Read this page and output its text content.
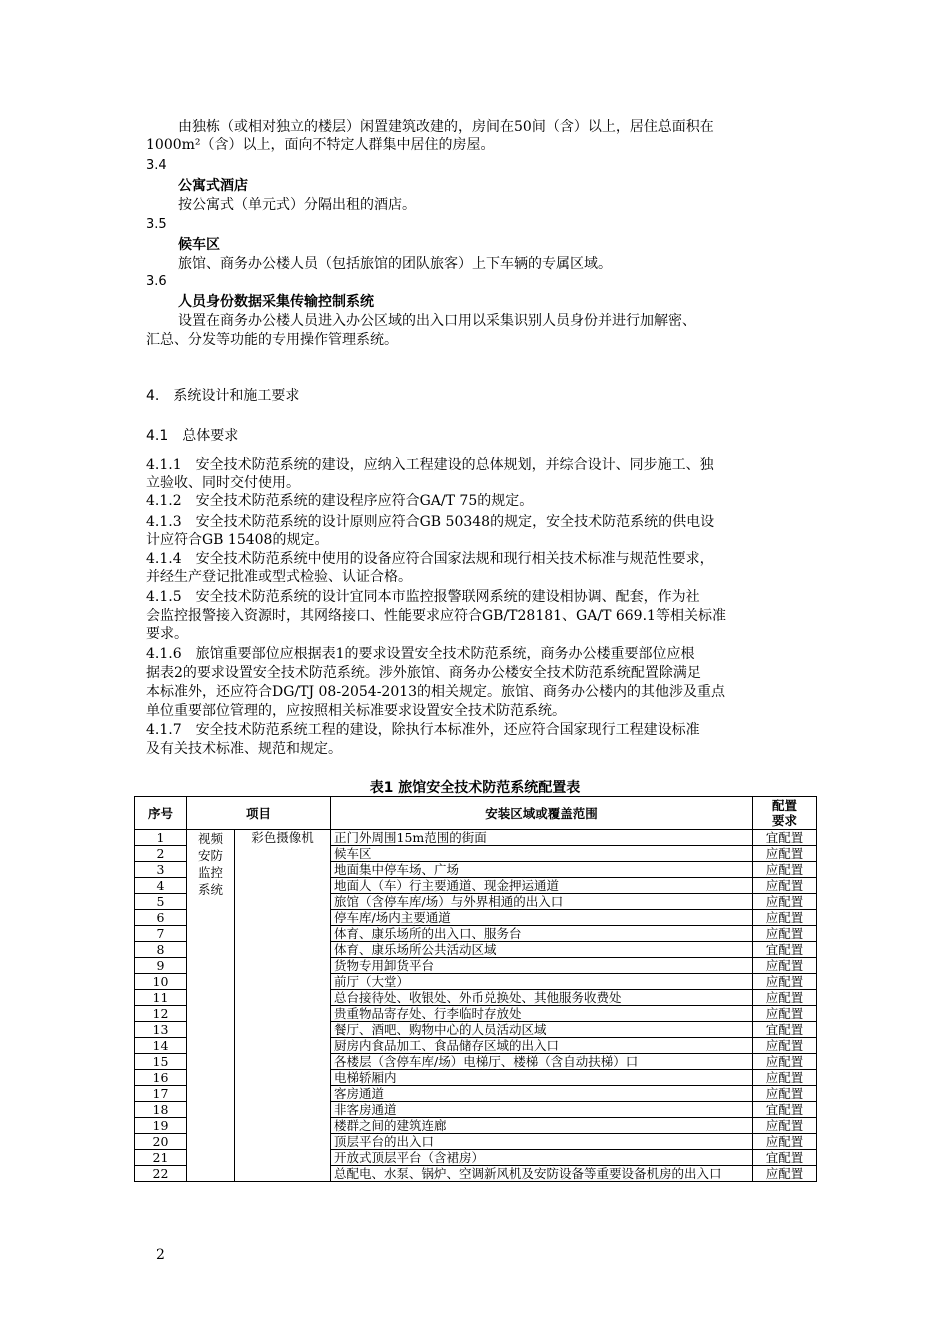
由独栋（或相对独立的楼层）闲置建筑改建的，房间在50间（含）以上，居住总面积在
1000m²（含）以上，面向不特定人群集中居住的房屋。
3.4
公寓式酒店
按公寓式（单元式）分隔出租的酒店。
3.5
候车区
旅馆、商务办公楼人员（包括旅馆的团队旅客）上下车辆的专属区域。
3.6
人员身份数据采集传输控制系统
设置在商务办公楼人员进入办公区域的出入口用以采集识别人员身份并进行加解密、
汇总、分发等功能的专用操作管理系统。
4.　系统设计和施工要求
4.1　总体要求
4.1.1　安全技术防范系统的建设，应纳入工程建设的总体规划，并综合设计、同步施工、独
立验收、同时交付使用。
4.1.2　安全技术防范系统的建设程序应符合GA/T 75的规定。
4.1.3　安全技术防范系统的设计原则应符合GB 50348的规定，安全技术防范系统的供电设
计应符合GB 15408的规定。
4.1.4　安全技术防范系统中使用的设备应符合国家法规和现行相关技术标准与规范性要求，
并经生产登记批准或型式检验、认证合格。
4.1.5　安全技术防范系统的设计宜同本市监控报警联网系统的建设相协调、配套，作为社
会监控报警接入资源时，其网络接口、性能要求应符合GB/T28181、GA/T 669.1等相关标准
要求。
4.1.6　旅馆重要部位应根据表1的要求设置安全技术防范系统，商务办公楼重要部位应根
据表2的要求设置安全技术防范系统。涉外旅馆、商务办公楼安全技术防范系统配置除满足
本标准外，还应符合DG/TJ 08-2054-2013的相关规定。旅馆、商务办公楼内的其他涉及重点
单位重要部位管理的，应按照相关标准要求设置安全技术防范系统。
4.1.7　安全技术防范系统工程的建设，除执行本标准外，还应符合国家现行工程建设标准
及有关技术标准、规范和规定。
表1 旅馆安全技术防范系统配置表
序号	项目		安装区域或覆盖范围	配置
要求

1	视频
安防
监控
系统	彩色摄像机	正门外周围15m范围的街面	宜配置
2			候车区	应配置
3			地面集中停车场、广场	应配置
4			地面人（车）行主要通道、现金押运通道	应配置
5			旅馆（含停车库/场）与外界相通的出入口	应配置
6			停车库/场内主要通道	应配置
7			体育、康乐场所的出入口、服务台	应配置
8			体育、康乐场所公共活动区域	宜配置
9			货物专用卸货平台	应配置
10			前厅（大堂）	应配置
11			总台接待处、收银处、外币兑换处、其他服务收费处	应配置
12			贵重物品寄存处、行李临时存放处	应配置
13			餐厅、酒吧、购物中心的人员活动区域	宜配置
14			厨房内食品加工、食品储存区域的出入口	应配置
15			各楼层（含停车库/场）电梯厅、楼梯（含自动扶梯）口	应配置
16			电梯轿厢内	应配置
17			客房通道	应配置
18			非客房通道	宜配置
19			楼群之间的建筑连廊	应配置
20			顶层平台的出入口	应配置
21			开放式顶层平台（含裙房）	宜配置
22			总配电、水泵、锅炉、空调新风机及安防设备等重要设备机房的出入口	应配置
2
